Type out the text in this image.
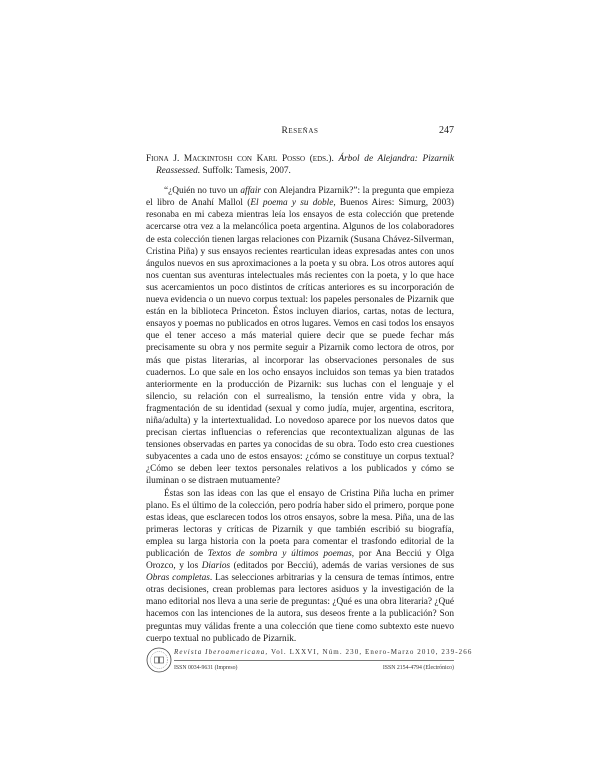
Reseñas	247

Fiona J. Mackintosh con Karl Posso (eds.). Árbol de Alejandra: Pizarnik Reassessed. Suffolk: Tamesis, 2007.

“¿Quién no tuvo un affair con Alejandra Pizarnik?”: la pregunta que empieza el libro de Anahí Mallol (El poema y su doble, Buenos Aires: Simurg, 2003) resonaba en mi cabeza mientras leía los ensayos de esta colección que pretende acercarse otra vez a la melancólica poeta argentina. Algunos de los colaboradores de esta colección tienen largas relaciones con Pizarnik (Susana Chávez-Silverman, Cristina Piña) y sus ensayos recientes rearticulan ideas expresadas antes con unos ángulos nuevos en sus aproximaciones a la poeta y su obra. Los otros autores aquí nos cuentan sus aventuras intelectuales más recientes con la poeta, y lo que hace sus acercamientos un poco distintos de críticas anteriores es su incorporación de nueva evidencia o un nuevo corpus textual: los papeles personales de Pizarnik que están en la biblioteca Princeton. Éstos incluyen diarios, cartas, notas de lectura, ensayos y poemas no publicados en otros lugares. Vemos en casi todos los ensayos que el tener acceso a más material quiere decir que se puede fechar más precisamente su obra y nos permite seguir a Pizarnik como lectora de otros, por más que pistas literarias, al incorporar las observaciones personales de sus cuadernos. Lo que sale en los ocho ensayos incluidos son temas ya bien tratados anteriormente en la producción de Pizarnik: sus luchas con el lenguaje y el silencio, su relación con el surrealismo, la tensión entre vida y obra, la fragmentación de su identidad (sexual y como judía, mujer, argentina, escritora, niña/adulta) y la intertextualidad. Lo novedoso aparece por los nuevos datos que precisan ciertas influencias o referencias que recontextualizan algunas de las tensiones observadas en partes ya conocidas de su obra. Todo esto crea cuestiones subyacentes a cada uno de estos ensayos: ¿cómo se constituye un corpus textual? ¿Cómo se deben leer textos personales relativos a los publicados y cómo se iluminan o se distraen mutuamente?

Éstas son las ideas con las que el ensayo de Cristina Piña lucha en primer plano. Es el último de la colección, pero podría haber sido el primero, porque pone estas ideas, que esclarecen todos los otros ensayos, sobre la mesa. Piña, una de las primeras lectoras y críticas de Pizarnik y que también escribió su biografía, emplea su larga historia con la poeta para comentar el trasfondo editorial de la publicación de Textos de sombra y últimos poemas, por Ana Becciú y Olga Orozco, y los Diarios (editados por Becciú), además de varias versiones de sus Obras completas. Las selecciones arbitrarias y la censura de temas íntimos, entre otras decisiones, crean problemas para lectores asiduos y la investigación de la mano editorial nos lleva a una serie de preguntas: ¿Qué es una obra literaria? ¿Qué hacemos con las intenciones de la autora, sus deseos frente a la publicación? Son preguntas muy válidas frente a una colección que tiene como subtexto este nuevo cuerpo textual no publicado de Pizarnik.

Revista Iberoamericana, Vol. LXXVI, Núm. 230, Enero-Marzo 2010, 239-266
ISSN 0034-9631 (Impreso)	ISSN 2154-4794 (Electrónico)
